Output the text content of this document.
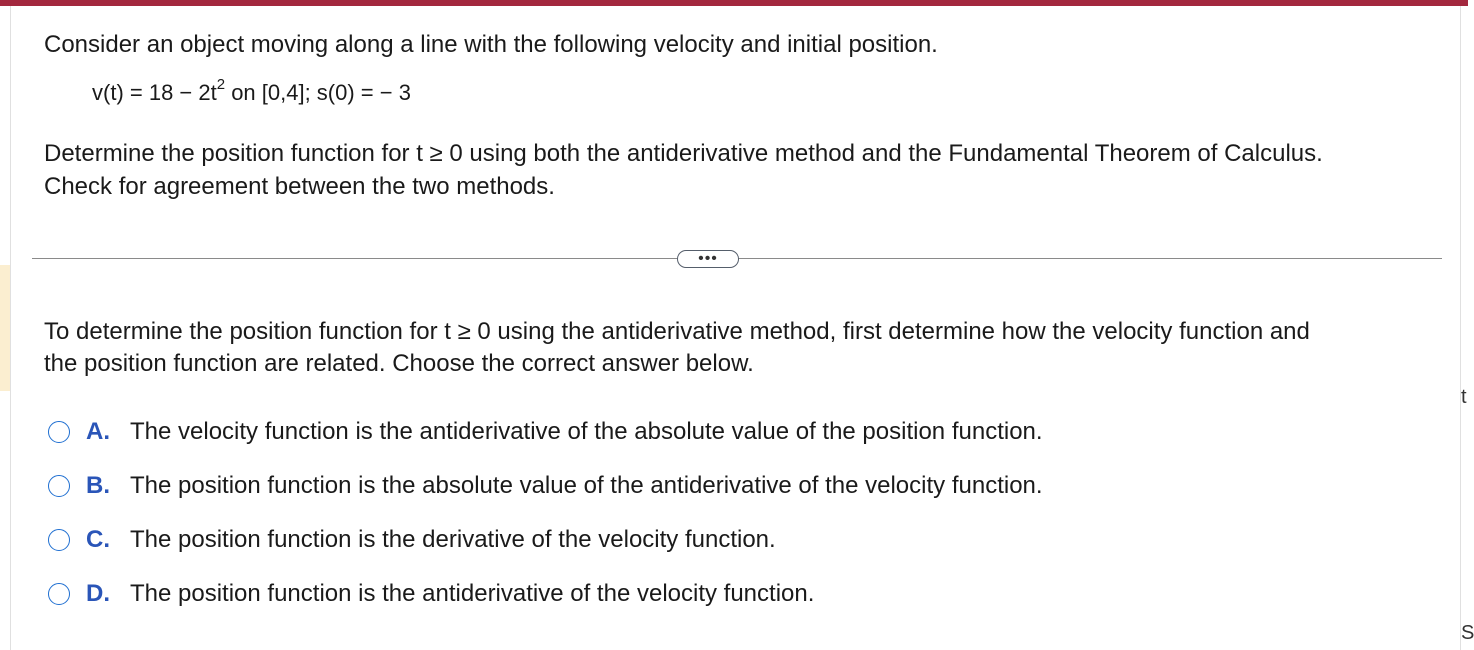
t
S
Consider an object moving along a line with the following velocity and initial position.
$v(t) = 18 - 2t^2$ on [0,4]; s(0) = − 3
Determine the position function for t ≥ 0 using both the antiderivative method and the Fundamental Theorem of Calculus.
Check for agreement between the two methods.
•••
To determine the position function for t ≥ 0 using the antiderivative method, first determine how the velocity function and
the position function are related. Choose the correct answer below.
A. The velocity function is the antiderivative of the absolute value of the position function.
B. The position function is the absolute value of the antiderivative of the velocity function.
C. The position function is the derivative of the velocity function.
D. The position function is the antiderivative of the velocity function.
